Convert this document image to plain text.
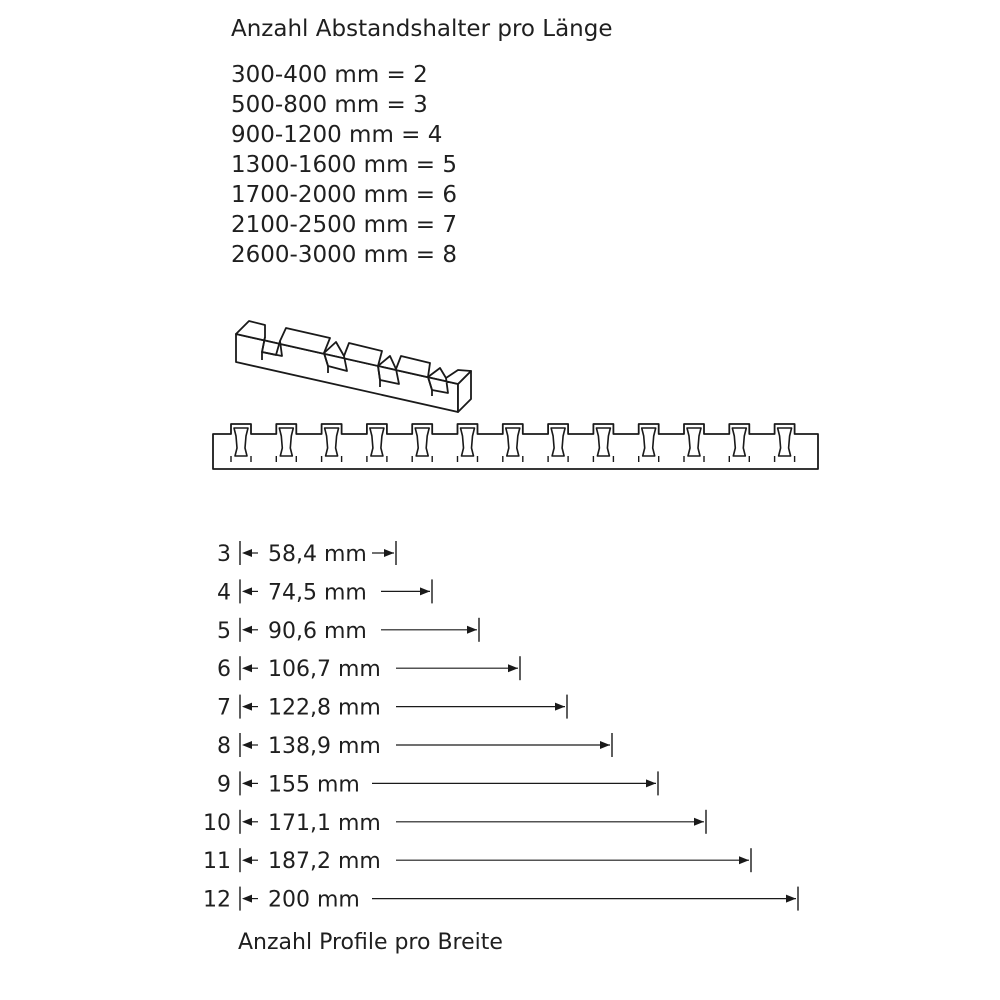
Anzahl Abstandshalter pro Länge
300-400 mm = 2
500-800 mm = 3
900-1200 mm = 4
1300-1600 mm = 5
1700-2000 mm = 6
2100-2500 mm = 7
2600-3000 mm = 8
3 58,4 mm
4 74,5 mm
5 90,6 mm
6 106,7 mm
7 122,8 mm
8 138,9 mm
9 155 mm
10 171,1 mm
11 187,2 mm
12 200 mm
Anzahl Profile pro Breite
